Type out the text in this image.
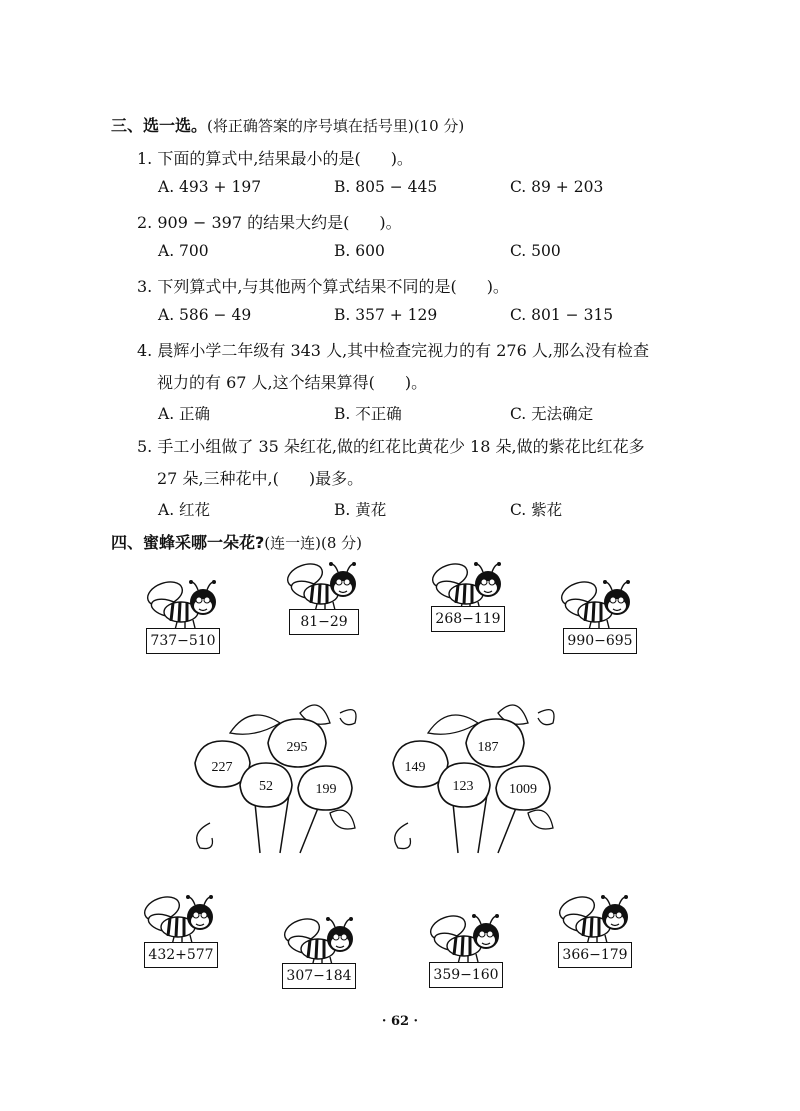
三、选一选。(将正确答案的序号填在括号里)(10 分)
1. 下面的算式中,结果最小的是( )。
A. 493 + 197	B. 805 − 445	C. 89 + 203
2. 909 − 397 的结果大约是( )。
A. 700	B. 600	C. 500
3. 下列算式中,与其他两个算式结果不同的是( )。
A. 586 − 49	B. 357 + 129	C. 801 − 315
4. 晨辉小学二年级有 343 人,其中检查完视力的有 276 人,那么没有检查
视力的有 67 人,这个结果算得( )。
A. 正确	B. 不正确	C. 无法确定
5. 手工小组做了 35 朵红花,做的红花比黄花少 18 朵,做的紫花比红花多
27 朵,三种花中,( )最多。
A. 红花	B. 黄花	C. 紫花
四、蜜蜂采哪一朵花?(连一连)(8 分)
737−510
81−29	268−119
990−695
227
295
52	199
149
187
123	1009
432+577
307−184	359−160
366−179
· 62 ·
